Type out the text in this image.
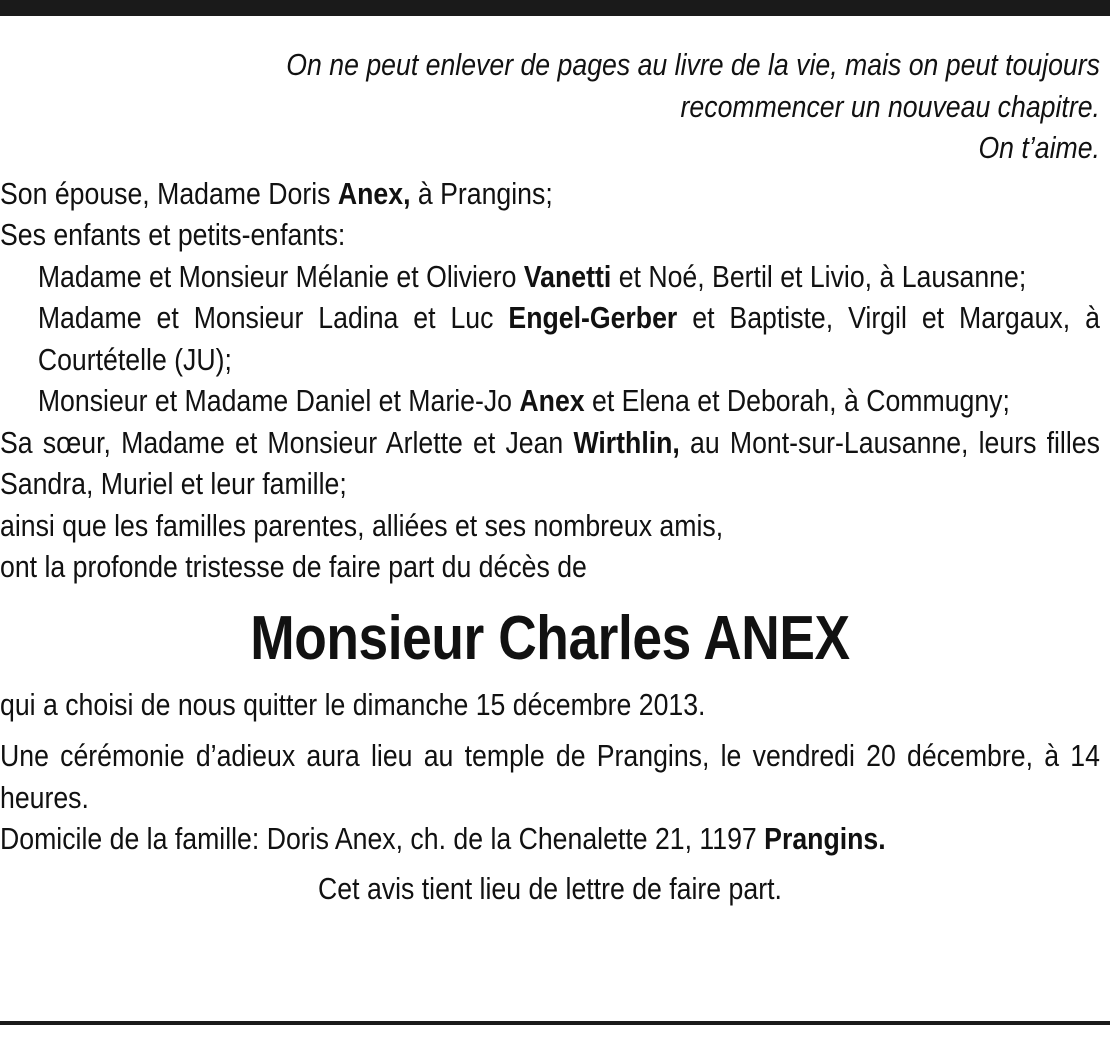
On ne peut enlever de pages au livre de la vie, mais on peut toujours
recommencer un nouveau chapitre.
On t’aime.

Son épouse, Madame Doris Anex, à Prangins;

Ses enfants et petits-enfants:

Madame et Monsieur Mélanie et Oliviero Vanetti et Noé, Bertil et Livio, à Lausanne;

Madame et Monsieur Ladina et Luc Engel-Gerber et Baptiste, Virgil et Margaux, à Courtételle (JU);

Monsieur et Madame Daniel et Marie-Jo Anex et Elena et Deborah, à Commugny;

Sa sœur, Madame et Monsieur Arlette et Jean Wirthlin, au Mont-sur-Lausanne, leurs filles Sandra, Muriel et leur famille;

ainsi que les familles parentes, alliées et ses nombreux amis,

ont la profonde tristesse de faire part du décès de

Monsieur Charles ANEX

qui a choisi de nous quitter le dimanche 15 décembre 2013.

Une cérémonie d’adieux aura lieu au temple de Prangins, le vendredi 20 décembre, à 14 heures.

Domicile de la famille: Doris Anex, ch. de la Chenalette 21, 1197 Prangins.

Cet avis tient lieu de lettre de faire part.
